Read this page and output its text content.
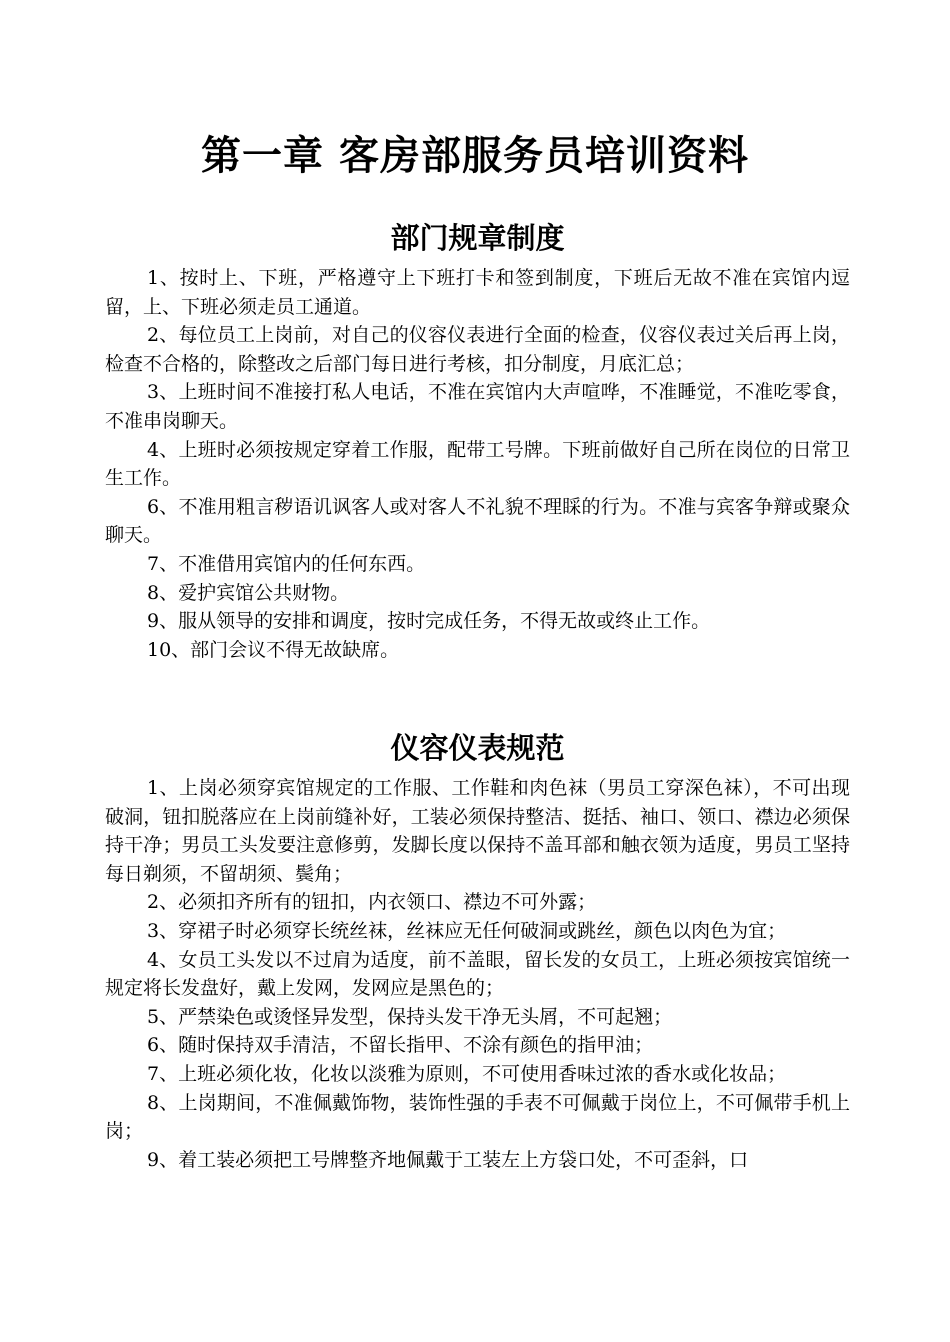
第一章 客房部服务员培训资料
部门规章制度

1、按时上、下班，严格遵守上下班打卡和签到制度，下班后无故不准在宾馆内逗留，上、下班必须走员工通道。

2、每位员工上岗前，对自己的仪容仪表进行全面的检查，仪容仪表过关后再上岗，检查不合格的，除整改之后部门每日进行考核，扣分制度，月底汇总；

3、上班时间不准接打私人电话，不准在宾馆内大声喧哗，不准睡觉，不准吃零食，不准串岗聊天。

4、上班时必须按规定穿着工作服，配带工号牌。下班前做好自己所在岗位的日常卫生工作。

6、不准用粗言秽语讥讽客人或对客人不礼貌不理睬的行为。不准与宾客争辩或聚众聊天。

7、不准借用宾馆内的任何东西。

8、爱护宾馆公共财物。

9、服从领导的安排和调度，按时完成任务，不得无故或终止工作。

10、部门会议不得无故缺席。

仪容仪表规范

1、上岗必须穿宾馆规定的工作服、工作鞋和肉色袜（男员工穿深色袜），不可出现破洞，钮扣脱落应在上岗前缝补好，工装必须保持整洁、挺括、袖口、领口、襟边必须保持干净；男员工头发要注意修剪，发脚长度以保持不盖耳部和触衣领为适度，男员工坚持每日剃须，不留胡须、鬓角；

2、必须扣齐所有的钮扣，内衣领口、襟边不可外露；

3、穿裙子时必须穿长统丝袜，丝袜应无任何破洞或跳丝，颜色以肉色为宜；

4、女员工头发以不过肩为适度，前不盖眼，留长发的女员工，上班必须按宾馆统一规定将长发盘好，戴上发网，发网应是黑色的；

5、严禁染色或烫怪异发型，保持头发干净无头屑，不可起翘；

6、随时保持双手清洁，不留长指甲、不涂有颜色的指甲油；

7、上班必须化妆，化妆以淡雅为原则，不可使用香味过浓的香水或化妆品；

8、上岗期间，不准佩戴饰物，装饰性强的手表不可佩戴于岗位上，不可佩带手机上岗；

9、着工装必须把工号牌整齐地佩戴于工装左上方袋口处，不可歪斜，口
